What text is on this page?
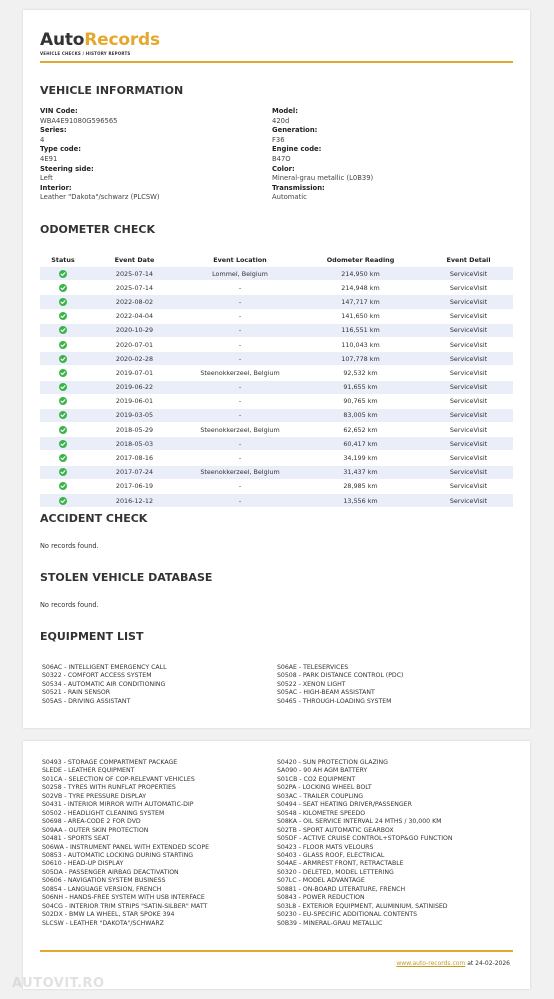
AutoRecords
VEHICLE CHECKS / HISTORY REPORTS
VEHICLE INFORMATION
VIN Code:
WBA4E91080G596565
Series:
4
Type code:
4E91
Steering side:
Left
Interior:
Leather "Dakota"/schwarz (PLCSW)
Model:
420d
Generation:
F36
Engine code:
B47O
Color:
Mineral-grau metallic (L0B39)
Transmission:
Automatic
ODOMETER CHECK
Status	Event Date	Event Location	Odometer Reading	Event Detail
	2025-07-14	Lommel, Belgium	214,950 km	ServiceVisit
	2025-07-14	-	214,948 km	ServiceVisit
	2022-08-02	-	147,717 km	ServiceVisit
	2022-04-04	-	141,650 km	ServiceVisit
	2020-10-29	-	116,551 km	ServiceVisit
	2020-07-01	-	110,043 km	ServiceVisit
	2020-02-28	-	107,778 km	ServiceVisit
	2019-07-01	Steenokkerzeel, Belgium	92,532 km	ServiceVisit
	2019-06-22	-	91,655 km	ServiceVisit
	2019-06-01	-	90,765 km	ServiceVisit
	2019-03-05	-	83,005 km	ServiceVisit
	2018-05-29	Steenokkerzeel, Belgium	62,652 km	ServiceVisit
	2018-05-03	-	60,417 km	ServiceVisit
	2017-08-16	-	34,199 km	ServiceVisit
	2017-07-24	Steenokkerzeel, Belgium	31,437 km	ServiceVisit
	2017-06-19	-	28,985 km	ServiceVisit
	2016-12-12	-	13,556 km	ServiceVisit
ACCIDENT CHECK
No records found.
STOLEN VEHICLE DATABASE
No records found.
EQUIPMENT LIST
S06AC - INTELLIGENT EMERGENCY CALL
S0322 - COMFORT ACCESS SYSTEM
S0534 - AUTOMATIC AIR CONDITIONING
S0521 - RAIN SENSOR
S05AS - DRIVING ASSISTANT
S06AE - TELESERVICES
S0508 - PARK DISTANCE CONTROL (PDC)
S0522 - XENON LIGHT
S05AC - HIGH-BEAM ASSISTANT
S0465 - THROUGH-LOADING SYSTEM
S0493 - STORAGE COMPARTMENT PACKAGE
SLEDE - LEATHER EQUIPMENT
S01CA - SELECTION OF COP-RELEVANT VEHICLES
S0258 - TYRES WITH RUNFLAT PROPERTIES
S02VB - TYRE PRESSURE DISPLAY
S0431 - INTERIOR MIRROR WITH AUTOMATIC-DIP
S0502 - HEADLIGHT CLEANING SYSTEM
S0698 - AREA-CODE 2 FOR DVD
S09AA - OUTER SKIN PROTECTION
S0481 - SPORTS SEAT
S06WA - INSTRUMENT PANEL WITH EXTENDED SCOPE
S0853 - AUTOMATIC LOCKING DURING STARTING
S0610 - HEAD-UP DISPLAY
S05DA - PASSENGER AIRBAG DEACTIVATION
S0606 - NAVIGATION SYSTEM BUSINESS
S0854 - LANGUAGE VERSION, FRENCH
S06NH - HANDS-FREE SYSTEM WITH USB INTERFACE
S04CG - INTERIOR TRIM STRIPS "SATIN-SILBER" MATT
S02DX - BMW LA WHEEL, STAR SPOKE 394
SLCSW - LEATHER "DAKOTA"/SCHWARZ
S0420 - SUN PROTECTION GLAZING
SA090 - 90 AH AGM BATTERY
S01CB - CO2 EQUIPMENT
S02PA - LOCKING WHEEL BOLT
S03AC - TRAILER COUPLING
S0494 - SEAT HEATING DRIVER/PASSENGER
S0548 - KILOMETRE SPEEDO
S08KA - OIL SERVICE INTERVAL 24 MTHS / 30,000 KM
S02TB - SPORT AUTOMATIC GEARBOX
S05DF - ACTIVE CRUISE CONTROL+STOP&GO FUNCTION
S0423 - FLOOR MATS VELOURS
S0403 - GLASS ROOF, ELECTRICAL
S04AE - ARMREST FRONT, RETRACTABLE
S0320 - DELETED, MODEL LETTERING
S07LC - MODEL ADVANTAGE
S0881 - ON-BOARD LITERATURE, FRENCH
S0843 - POWER REDUCTION
S03L8 - EXTERIOR EQUIPMENT, ALUMINIUM, SATINISED
S0230 - EU-SPECIFIC ADDITIONAL CONTENTS
S0B39 - MINERAL-GRAU METALLIC
www.auto-records.com at 24-02-2026
AUTOVIT.RO
